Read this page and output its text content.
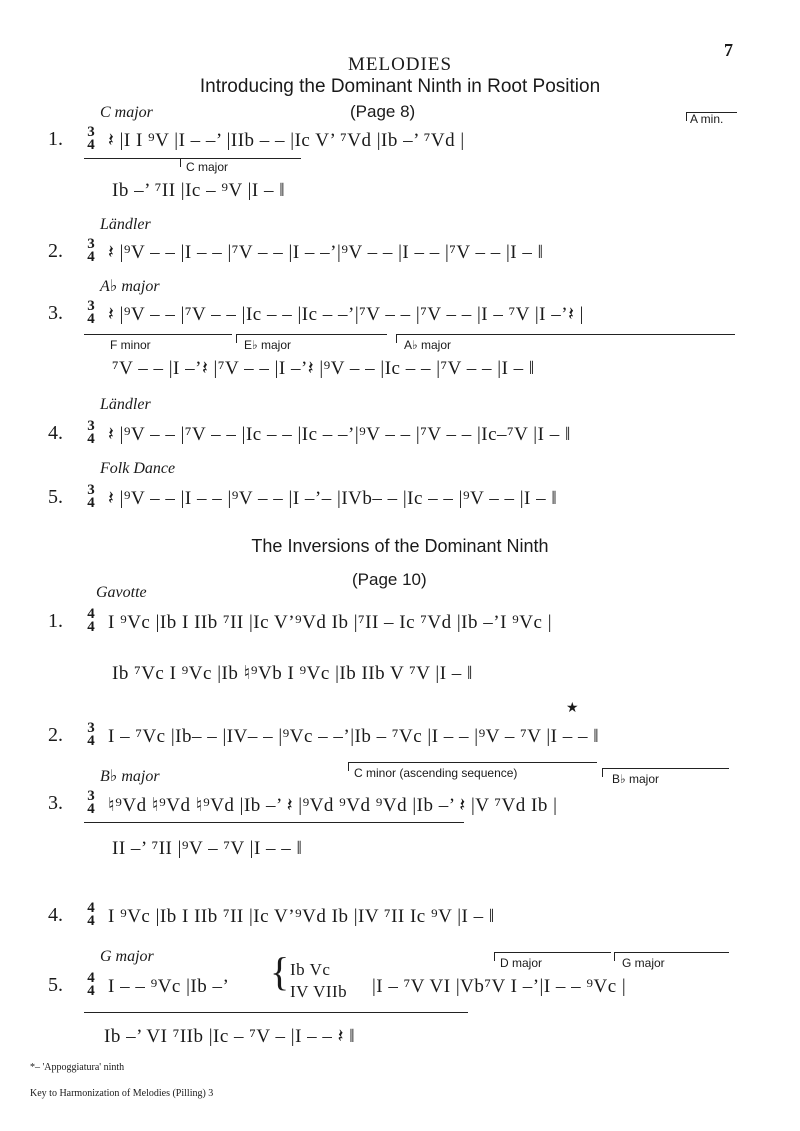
7
MELODIES
Introducing the Dominant Ninth in Root Position
(Page 8)
C major
1. 3
4 𝄽 |I I ⁹V |I – –’ |IIb – – |Ic V’ ⁷Vd |Ib –’ ⁷Vd |
A min.
C major
Ib –’ ⁷II |Ic – ⁹V |I – ‖
Ländler
2. 3
4 𝄽 |⁹V – – |I – – |⁷V – – |I – –’|⁹V – – |I – – |⁷V – – |I – ‖
A♭ major
3. 3
4 𝄽 |⁹V – – |⁷V – – |Ic – – |Ic – –’|⁷V – – |⁷V – – |I – ⁷V |I –’𝄽 |
F minor	E♭ major	A♭ major
⁷V – – |I –’𝄽 |⁷V – – |I –’𝄽 |⁹V – – |Ic – – |⁷V – – |I – ‖
Ländler
4. 3
4 𝄽 |⁹V – – |⁷V – – |Ic – – |Ic – –’|⁹V – – |⁷V – – |Ic–⁷V |I – ‖
Folk Dance
5. 3
4 𝄽 |⁹V – – |I – – |⁹V – – |I –’– |IVb– – |Ic – – |⁹V – – |I – ‖
The Inversions of the Dominant Ninth
(Page 10)
Gavotte
1. 4
4 I ⁹Vc |Ib I IIb ⁷II |Ic V’⁹Vd Ib |⁷II – Ic ⁷Vd |Ib –’I ⁹Vc |
Ib ⁷Vc I ⁹Vc |Ib ♮⁹Vb I ⁹Vc |Ib IIb V ⁷V |I – ‖
2. 3
4
★
I – ⁷Vc |Ib– – |IV– – |⁹Vc – –’|Ib – ⁷Vc |I – – |⁹V – ⁷V |I – – ‖
B♭ major	C minor (ascending sequence)	B♭ major
3. 3
4 ♮⁹Vd ♮⁹Vd ♮⁹Vd |Ib –’ 𝄽 |⁹Vd ⁹Vd ⁹Vd |Ib –’ 𝄽 |V ⁷Vd Ib |
II –’ ⁷II |⁹V – ⁷V |I – – ‖
4. 4
4 I ⁹Vc |Ib I IIb ⁷II |Ic V’⁹Vd Ib |IV ⁷II Ic ⁹V |I – ‖
G major	D major	G major
5. 4
4 I – – ⁹Vc |Ib –’ { Ib Vc
IV VIIb |I – ⁷V VI |Vb⁷V I –’|I – – ⁹Vc |
Ib –’ VI ⁷IIb |Ic – ⁷V – |I – – 𝄽 ‖
*– 'Appoggiatura' ninth
Key to Harmonization of Melodies (Pilling) 3
